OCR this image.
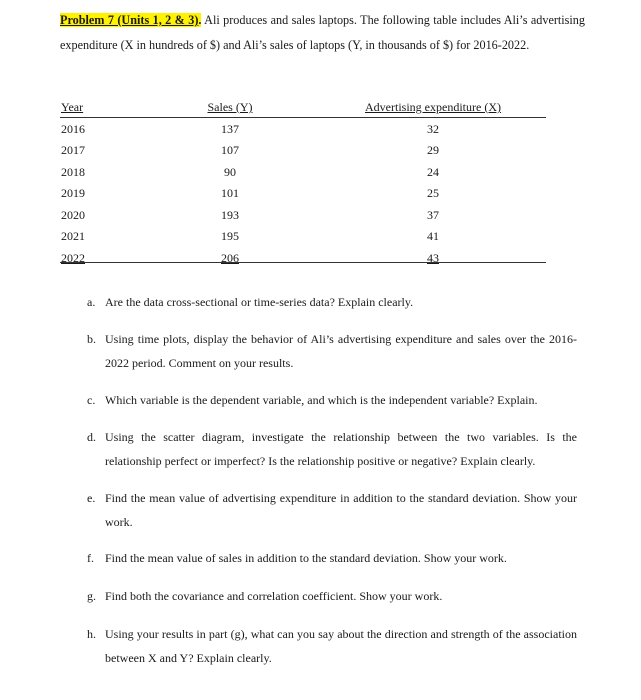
Problem 7 (Units 1, 2 & 3). Ali produces and sales laptops. The following table includes Ali’s advertising expenditure (X in hundreds of $) and Ali’s sales of laptops (Y, in thousands of $) for 2016-2022.

Year	Sales (Y)	Advertising expenditure (X)
2016	137	32
2017	107	29
2018	90	24
2019	101	25
2020	193	37
2021	195	41
2022	206	43
a. Are the data cross-sectional or time-series data? Explain clearly.
b. Using time plots, display the behavior of Ali’s advertising expenditure and sales over the 2016-2022 period. Comment on your results.
c. Which variable is the dependent variable, and which is the independent variable? Explain.
d. Using the scatter diagram, investigate the relationship between the two variables. Is the relationship perfect or imperfect? Is the relationship positive or negative? Explain clearly.
e. Find the mean value of advertising expenditure in addition to the standard deviation. Show your work.
f. Find the mean value of sales in addition to the standard deviation. Show your work.
g. Find both the covariance and correlation coefficient. Show your work.
h. Using your results in part (g), what can you say about the direction and strength of the association between X and Y? Explain clearly.
